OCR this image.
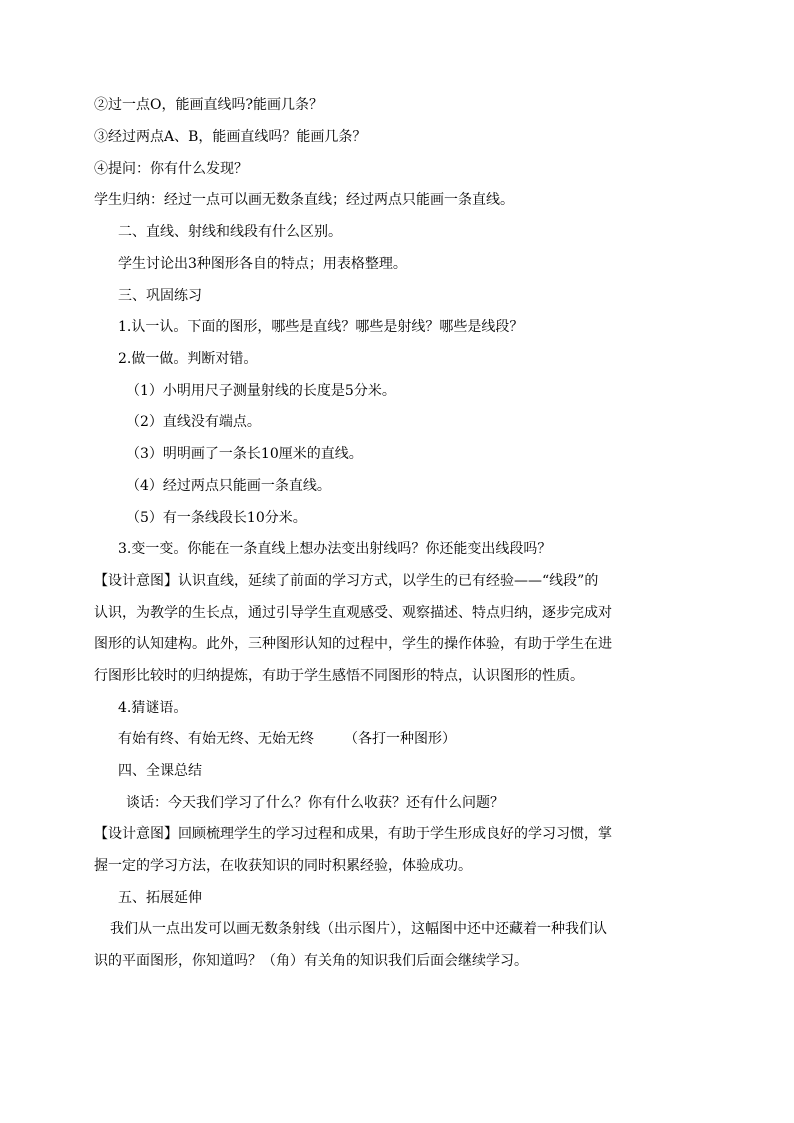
②过一点O，能画直线吗?能画几条？
③经过两点A、B，能画直线吗？能画几条？
④提问：你有什么发现？
学生归纳：经过一点可以画无数条直线；经过两点只能画一条直线。
二、直线、射线和线段有什么区别。
学生讨论出3种图形各自的特点；用表格整理。
三、巩固练习
1.认一认。下面的图形，哪些是直线？哪些是射线？哪些是线段？
2.做一做。判断对错。
（1）小明用尺子测量射线的长度是5分米。
（2）直线没有端点。
（3）明明画了一条长10厘米的直线。
（4）经过两点只能画一条直线。
（5）有一条线段长10分米。
3.变一变。你能在一条直线上想办法变出射线吗？你还能变出线段吗？
【设计意图】认识直线，延续了前面的学习方式，以学生的已有经验——“线段”的
认识，为教学的生长点，通过引导学生直观感受、观察描述、特点归纳，逐步完成对
图形的认知建构。此外，三种图形认知的过程中，学生的操作体验，有助于学生在进
行图形比较时的归纳提炼，有助于学生感悟不同图形的特点，认识图形的性质。
4.猜谜语。
有始有终、有始无终、无始无终 （各打一种图形）
四、全课总结
谈话：今天我们学习了什么？你有什么收获？还有什么问题？
【设计意图】回顾梳理学生的学习过程和成果，有助于学生形成良好的学习习惯，掌
握一定的学习方法，在收获知识的同时积累经验，体验成功。
五、拓展延伸
我们从一点出发可以画无数条射线（出示图片），这幅图中还中还藏着一种我们认
识的平面图形，你知道吗？（角）有关角的知识我们后面会继续学习。
